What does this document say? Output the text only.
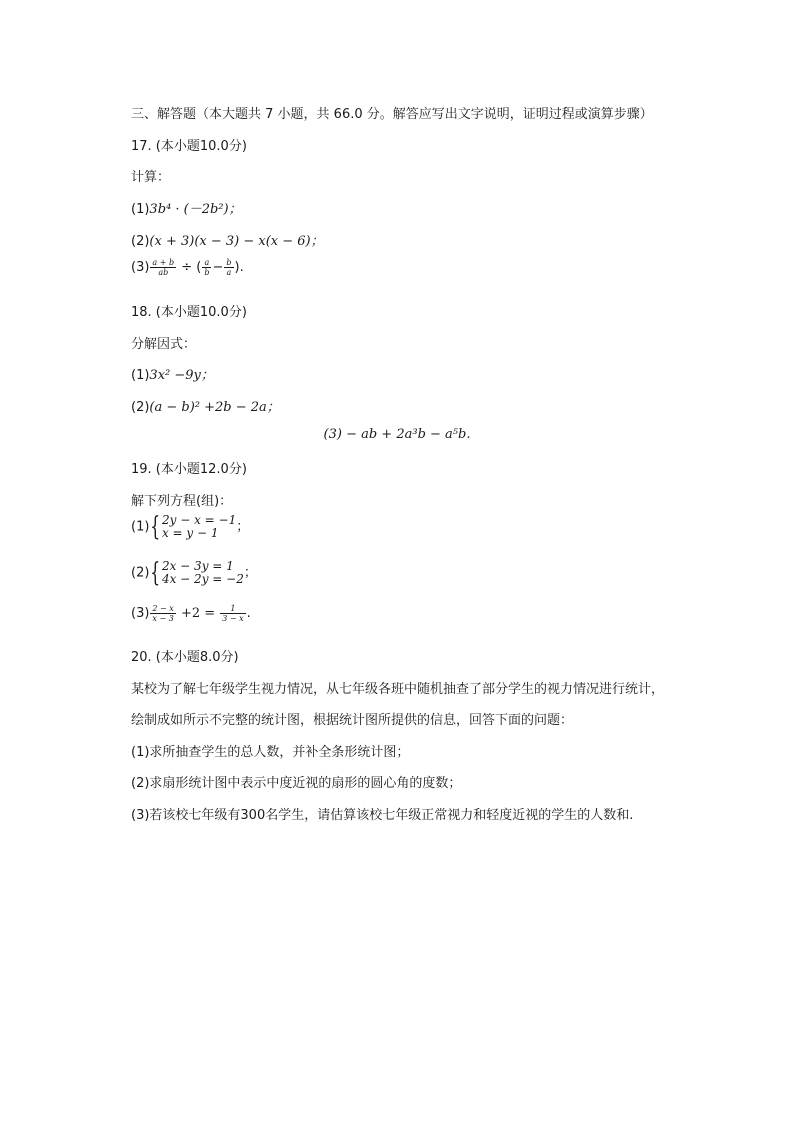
三、解答题（本大题共 7 小题，共 66.0 分。解答应写出文字说明，证明过程或演算步骤）
17. (本小题10.0分)
计算：
(1)3b⁴ · (－2b²)；
(2)(x + 3)(x − 3) − x(x − 6)；
$(3) \frac{a + b}{ab}$ ÷ ( $\frac{a}{b} - \frac{b}{a}$ ).
18. (本小题10.0分)
分解因式：
(1)3x² −9y；
(2)(a − b)² +2b − 2a；
(3) − ab + 2a³b − a⁵b.
19. (本小题12.0分)
解下列方程(组)：
(1){ 2y − x = −1
x = y − 1	；
(2){ 2x − 3y = 1
4x − 2y = −2 ；
$(3) \frac{2 - x}{x - 3} +2 = \frac{1}{3 - x}$ .
20. (本小题8.0分)
某校为了解七年级学生视力情况，从七年级各班中随机抽查了部分学生的视力情况进行统计，
绘制成如所示不完整的统计图，根据统计图所提供的信息，回答下面的问题：
(1)求所抽查学生的总人数，并补全条形统计图；
(2)求扇形统计图中表示中度近视的扇形的圆心角的度数；
(3)若该校七年级有300名学生，请估算该校七年级正常视力和轻度近视的学生的人数和.
